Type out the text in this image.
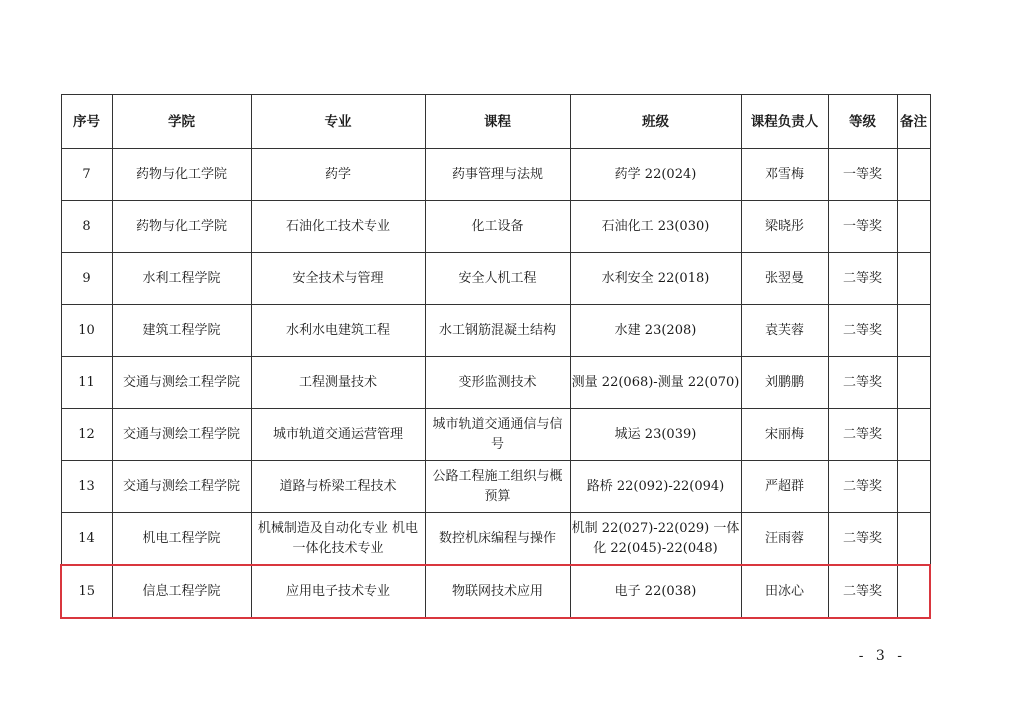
序号	学院	专业	课程	班级	课程负责人	等级	备注
7	药物与化工学院	药学	药事管理与法规	药学 22(024)	邓雪梅	一等奖	
8	药物与化工学院	石油化工技术专业	化工设备	石油化工 23(030)	梁晓彤	一等奖	
9	水利工程学院	安全技术与管理	安全人机工程	水利安全 22(018)	张翌曼	二等奖	
10	建筑工程学院	水利水电建筑工程	水工钢筋混凝土结构	水建 23(208)	袁芙蓉	二等奖	
11	交通与测绘工程学院	工程测量技术	变形监测技术	测量 22(068)-测量 22(070)	刘鹏鹏	二等奖	
12	交通与测绘工程学院	城市轨道交通运营管理	城市轨道交通通信与信号	城运 23(039)	宋丽梅	二等奖	
13	交通与测绘工程学院	道路与桥梁工程技术	公路工程施工组织与概预算	路桥 22(092)-22(094)	严超群	二等奖	
14	机电工程学院	机械制造及自动化专业 机电一体化技术专业	数控机床编程与操作	机制 22(027)-22(029) 一体化 22(045)-22(048)	汪雨蓉	二等奖	
15	信息工程学院	应用电子技术专业	物联网技术应用	电子 22(038)	田冰心	二等奖	
- 3 -
